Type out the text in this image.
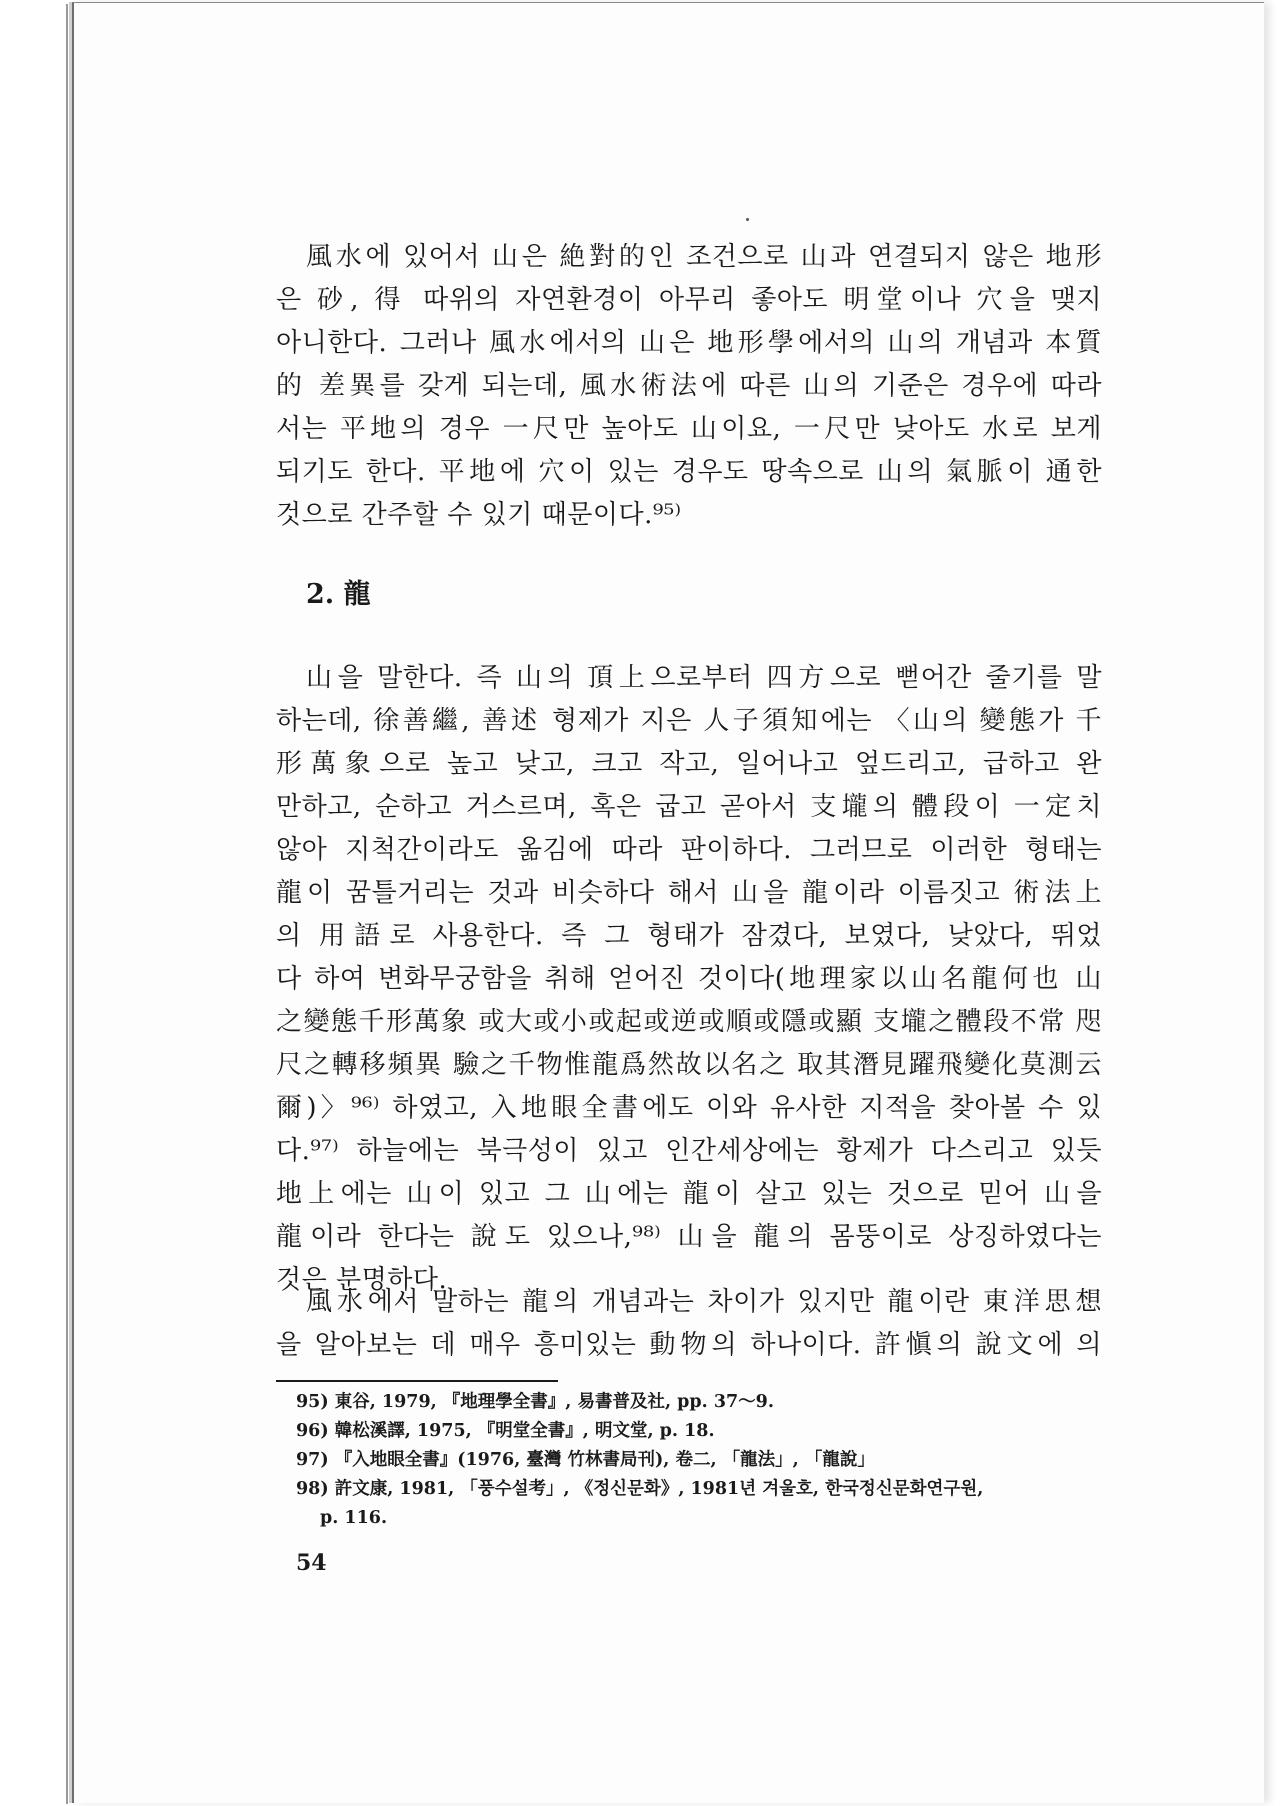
風水에 있어서 山은 絶對的인 조건으로 山과 연결되지 않은 地形
은 砂, 得 따위의 자연환경이 아무리 좋아도 明堂이나 穴을 맺지
아니한다. 그러나 風水에서의 山은 地形學에서의 山의 개념과 本質
的 差異를 갖게 되는데, 風水術法에 따른 山의 기준은 경우에 따라
서는 平地의 경우 一尺만 높아도 山이요, 一尺만 낮아도 水로 보게
되기도 한다. 平地에 穴이 있는 경우도 땅속으로 山의 氣脈이 通한
것으로 간주할 수 있기 때문이다.⁹⁵⁾
2. 龍
山을 말한다. 즉 山의 頂上으로부터 四方으로 뻗어간 줄기를 말
하는데, 徐善繼, 善述 형제가 지은 人子須知에는 〈山의 變態가 千
形萬象으로 높고 낮고, 크고 작고, 일어나고 엎드리고, 급하고 완
만하고, 순하고 거스르며, 혹은 굽고 곧아서 支壠의 體段이 一定치
않아 지척간이라도 옮김에 따라 판이하다. 그러므로 이러한 형태는
龍이 꿈틀거리는 것과 비슷하다 해서 山을 龍이라 이름짓고 術法上
의 用語로 사용한다. 즉 그 형태가 잠겼다, 보였다, 낮았다, 뛰었
다 하여 변화무궁함을 취해 얻어진 것이다(地理家以山名龍何也 山
之變態千形萬象 或大或小或起或逆或順或隱或顯 支壠之體段不常 咫
尺之轉移頻異 驗之千物惟龍爲然故以名之 取其潛見躍飛變化莫測云
爾)〉⁹⁶⁾ 하였고, 入地眼全書에도 이와 유사한 지적을 찾아볼 수 있
다.⁹⁷⁾ 하늘에는 북극성이 있고 인간세상에는 황제가 다스리고 있듯
地上에는 山이 있고 그 山에는 龍이 살고 있는 것으로 믿어 山을
龍이라 한다는 說도 있으나,⁹⁸⁾ 山을 龍의 몸뚱이로 상징하였다는
것은 분명하다.
風水에서 말하는 龍의 개념과는 차이가 있지만 龍이란 東洋思想
을 알아보는 데 매우 흥미있는 動物의 하나이다. 許愼의 說文에 의
95) 東谷, 1979, 『地理學全書』, 易書普及社, pp. 37～9.
96) 韓松溪譯, 1975, 『明堂全書』, 明文堂, p. 18.
97) 『入地眼全書』(1976, 臺灣 竹林書局刊), 卷二, 「龍法」, 「龍說」
98) 許文康, 1981, 「풍수설考」, 《정신문화》, 1981년 겨울호, 한국정신문화연구원,
p. 116.
54
